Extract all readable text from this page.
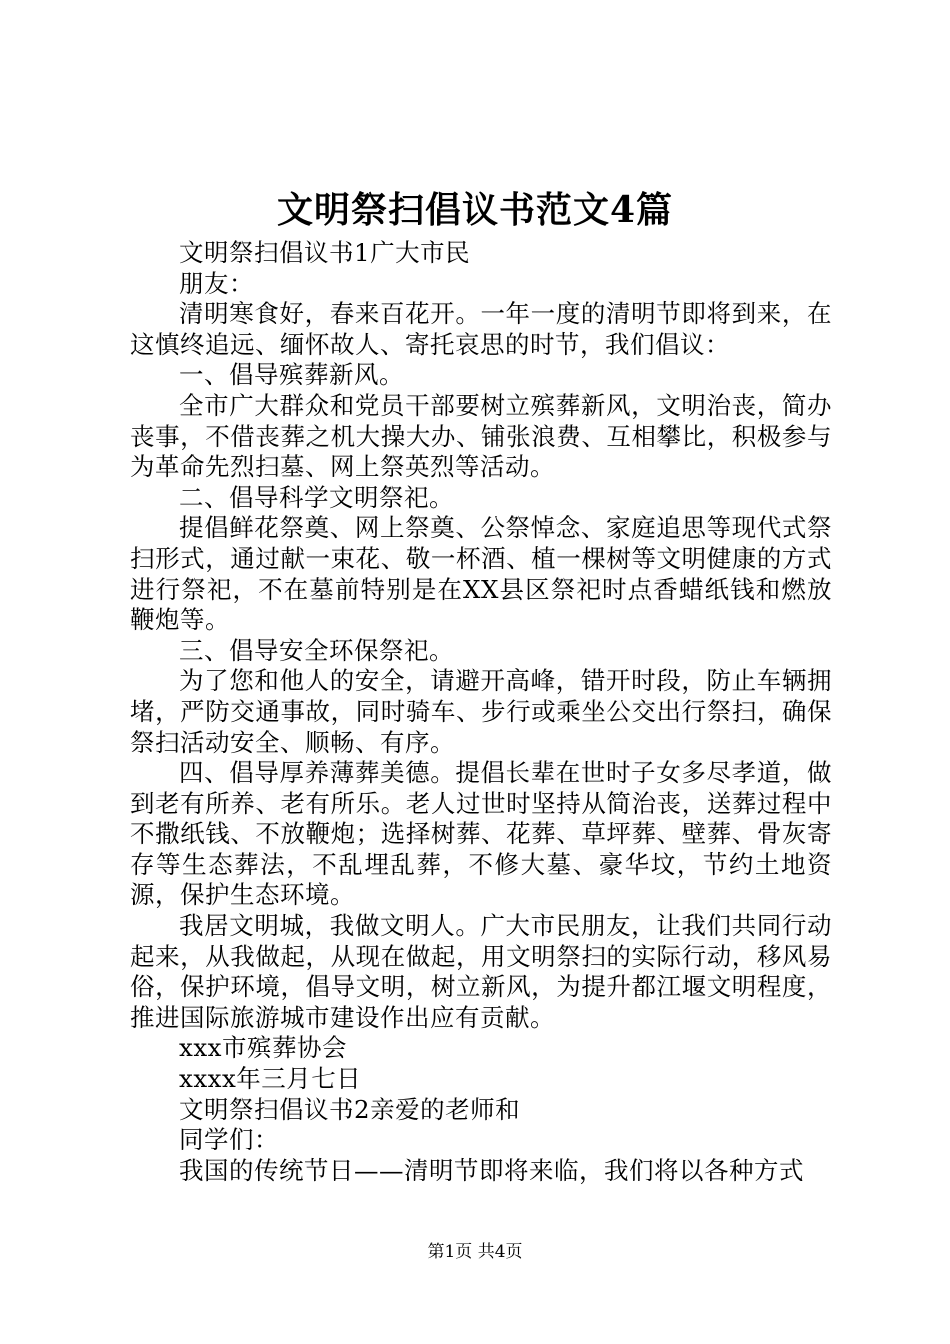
文明祭扫倡议书范文4篇

文明祭扫倡议书1广大市民

朋友：

清明寒食好，春来百花开。一年一度的清明节即将到来，在这慎终追远、缅怀故人、寄托哀思的时节，我们倡议：

一、倡导殡葬新风。

全市广大群众和党员干部要树立殡葬新风，文明治丧，简办丧事，不借丧葬之机大操大办、铺张浪费、互相攀比，积极参与为革命先烈扫墓、网上祭英烈等活动。

二、倡导科学文明祭祀。

提倡鲜花祭奠、网上祭奠、公祭悼念、家庭追思等现代式祭扫形式，通过献一束花、敬一杯酒、植一棵树等文明健康的方式进行祭祀，不在墓前特别是在XX县区祭祀时点香蜡纸钱和燃放鞭炮等。

三、倡导安全环保祭祀。

为了您和他人的安全，请避开高峰，错开时段，防止车辆拥堵，严防交通事故，同时骑车、步行或乘坐公交出行祭扫，确保祭扫活动安全、顺畅、有序。

四、倡导厚养薄葬美德。提倡长辈在世时子女多尽孝道，做到老有所养、老有所乐。老人过世时坚持从简治丧，送葬过程中不撒纸钱、不放鞭炮；选择树葬、花葬、草坪葬、壁葬、骨灰寄存等生态葬法，不乱埋乱葬，不修大墓、豪华坟，节约土地资源，保护生态环境。

我居文明城，我做文明人。广大市民朋友，让我们共同行动起来，从我做起，从现在做起，用文明祭扫的实际行动，移风易俗，保护环境，倡导文明，树立新风，为提升都江堰文明程度，推进国际旅游城市建设作出应有贡献。

xxx市殡葬协会

xxxx年三月七日

文明祭扫倡议书2亲爱的老师和

同学们：

我国的传统节日——清明节即将来临，我们将以各种方式

第1页 共4页
